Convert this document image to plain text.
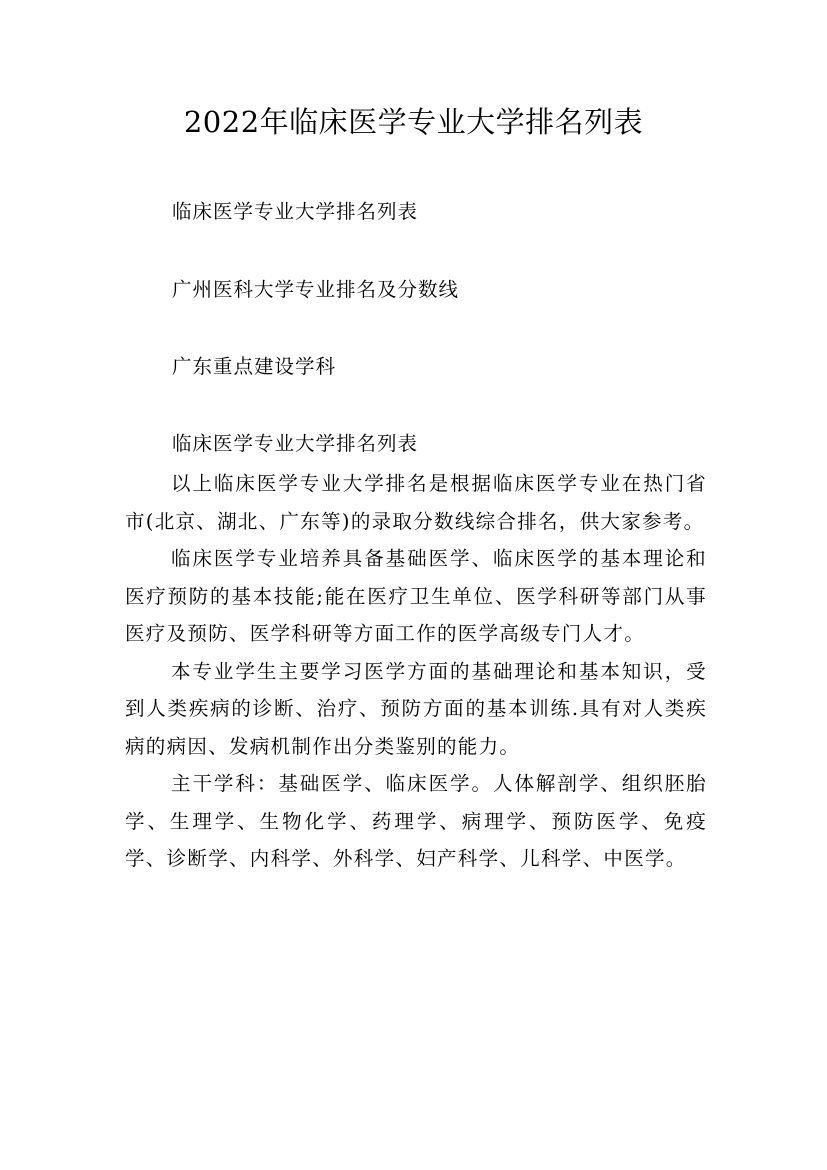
2022年临床医学专业大学排名列表
临床医学专业大学排名列表
广州医科大学专业排名及分数线
广东重点建设学科
临床医学专业大学排名列表

以上临床医学专业大学排名是根据临床医学专业在热门省市(北京、湖北、广东等)的录取分数线综合排名，供大家参考。

临床医学专业培养具备基础医学、临床医学的基本理论和医疗预防的基本技能;能在医疗卫生单位、医学科研等部门从事医疗及预防、医学科研等方面工作的医学高级专门人才。

本专业学生主要学习医学方面的基础理论和基本知识，受到人类疾病的诊断、治疗、预防方面的基本训练.具有对人类疾病的病因、发病机制作出分类鉴别的能力。

主干学科：基础医学、临床医学。人体解剖学、组织胚胎学、生理学、生物化学、药理学、病理学、预防医学、免疫学、诊断学、内科学、外科学、妇产科学、儿科学、中医学。
